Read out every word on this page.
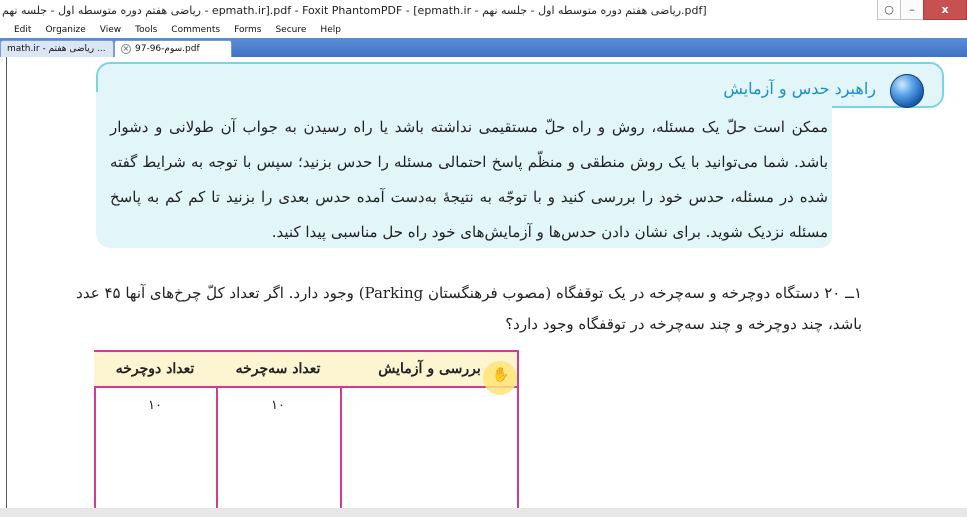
ریاضی هفتم دوره متوسطه اول - جلسه نهم - epmath.ir].pdf - Foxit PhantomPDF - [epmath.ir - ریاضی هفتم دوره متوسطه اول - جلسه نهم.pdf]	○	–	x
Edit	Organize	View	Tools	Comments	Forms	Secure	Help
math.ir - ریاضی هفتم ... × 97-96-سوم.pdf
راهبرد حدس و آزمایش
ممکن است حلّ یک مسئله، روش و راه حلّ مستقیمی نداشته باشد یا راه رسیدن به جواب آن طولانی و دشوار باشد. شما می‌توانید با یک روش منطقی و منظّم پاسخ احتمالی مسئله را حدس بزنید؛ سپس با توجه به شرایط گفته شده در مسئله، حدس خود را بررسی کنید و با توجّه به نتیجهٔ به‌دست آمده حدس بعدی را بزنید تا کم کم به پاسخ مسئله نزدیک شوید. برای نشان دادن حدس‌ها و آزمایش‌های خود راه حل مناسبی پیدا کنید.
۱ــ ۲۰ دستگاه دوچرخه و سه‌چرخه در یک توقفگاه (مصوب فرهنگستان Parking) وجود دارد. اگر تعداد کلّ چرخ‌های آنها ۴۵ عدد باشد، چند دوچرخه و چند سه‌چرخه در توقفگاه وجود دارد؟
تعداد دوچرخه	تعداد سه‌چرخه	بررسی و آزمایش
۱۰	۱۰
✋
